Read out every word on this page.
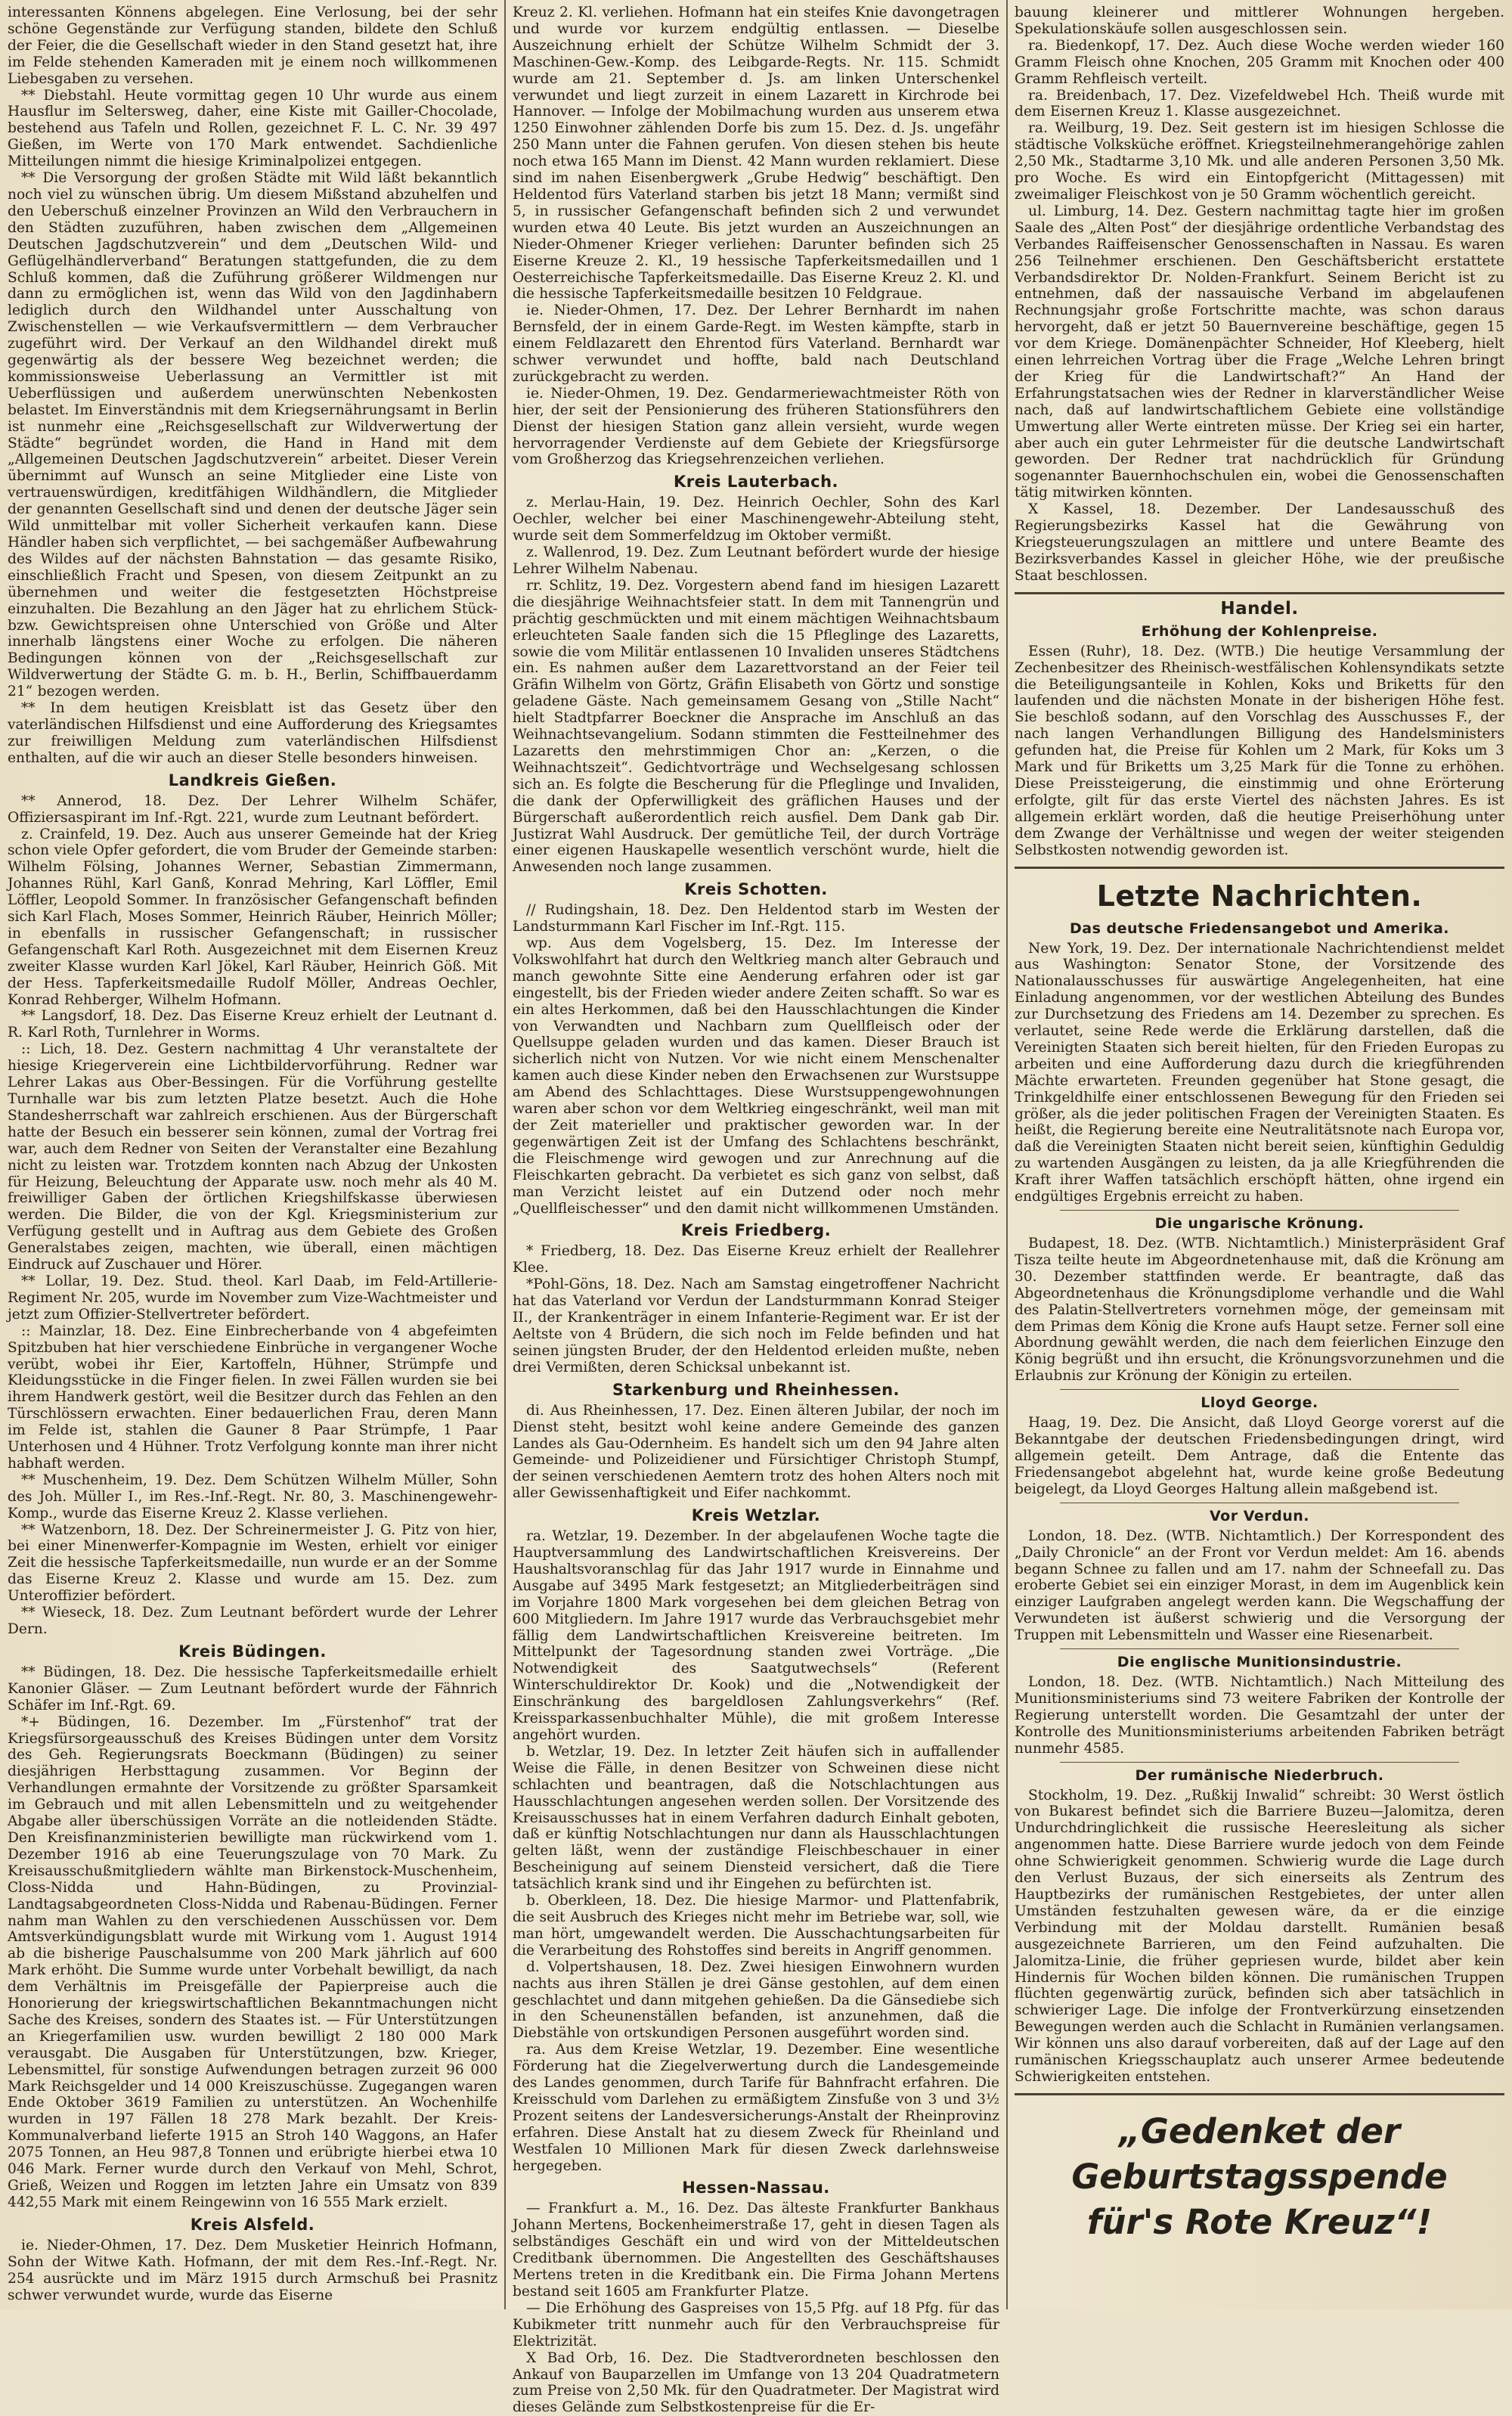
interessanten Könnens abgelegen. Eine Verlosung, bei der sehr schöne Gegenstände zur Verfügung standen, bildete den Schluß der Feier, die die Gesellschaft wieder in den Stand gesetzt hat, ihre im Felde stehenden Kameraden mit je einem noch willkommenen Liebesgaben zu versehen.

** Diebstahl. Heute vormittag gegen 10 Uhr wurde aus einem Hausflur im Seltersweg, daher, eine Kiste mit Gailler-Chocolade, bestehend aus Tafeln und Rollen, gezeichnet F. L. C. Nr. 39 497 Gießen, im Werte von 170 Mark entwendet. Sachdienliche Mitteilungen nimmt die hiesige Kriminalpolizei entgegen.

** Die Versorgung der großen Städte mit Wild läßt bekanntlich noch viel zu wünschen übrig. Um diesem Mißstand abzuhelfen und den Ueberschuß einzelner Provinzen an Wild den Verbrauchern in den Städten zuzuführen, haben zwischen dem „Allgemeinen Deutschen Jagdschutzverein“ und dem „Deutschen Wild- und Geflügelhändlerverband“ Beratungen stattgefunden, die zu dem Schluß kommen, daß die Zuführung größerer Wildmengen nur dann zu ermöglichen ist, wenn das Wild von den Jagdinhabern lediglich durch den Wildhandel unter Ausschaltung von Zwischenstellen — wie Verkaufsvermittlern — dem Verbraucher zugeführt wird. Der Verkauf an den Wildhandel direkt muß gegenwärtig als der bessere Weg bezeichnet werden; die kommissionsweise Ueberlassung an Vermittler ist mit Ueberflüssigen und außerdem unerwünschten Nebenkosten belastet. Im Einverständnis mit dem Kriegsernährungsamt in Berlin ist nunmehr eine „Reichsgesellschaft zur Wildverwertung der Städte“ begründet worden, die Hand in Hand mit dem „Allgemeinen Deutschen Jagdschutzverein“ arbeitet. Dieser Verein übernimmt auf Wunsch an seine Mitglieder eine Liste von vertrauenswürdigen, kreditfähigen Wildhändlern, die Mitglieder der genannten Gesellschaft sind und denen der deutsche Jäger sein Wild unmittelbar mit voller Sicherheit verkaufen kann. Diese Händler haben sich verpflichtet, — bei sachgemäßer Aufbewahrung des Wildes auf der nächsten Bahnstation — das gesamte Risiko, einschließlich Fracht und Spesen, von diesem Zeitpunkt an zu übernehmen und weiter die festgesetzten Höchstpreise einzuhalten. Die Bezahlung an den Jäger hat zu ehrlichem Stück- bzw. Gewichtspreisen ohne Unterschied von Größe und Alter innerhalb längstens einer Woche zu erfolgen. Die näheren Bedingungen können von der „Reichsgesellschaft zur Wildverwertung der Städte G. m. b. H., Berlin, Schiffbauerdamm 21“ bezogen werden.

** In dem heutigen Kreisblatt ist das Gesetz über den vaterländischen Hilfsdienst und eine Aufforderung des Kriegsamtes zur freiwilligen Meldung zum vaterländischen Hilfsdienst enthalten, auf die wir auch an dieser Stelle besonders hinweisen.

Landkreis Gießen.

** Annerod, 18. Dez. Der Lehrer Wilhelm Schäfer, Offiziersaspirant im Inf.-Rgt. 221, wurde zum Leutnant befördert.

z. Crainfeld, 19. Dez. Auch aus unserer Gemeinde hat der Krieg schon viele Opfer gefordert, die vom Bruder der Gemeinde starben: Wilhelm Fölsing, Johannes Werner, Sebastian Zimmermann, Johannes Rühl, Karl Ganß, Konrad Mehring, Karl Löffler, Emil Löffler, Leopold Sommer. In französischer Gefangenschaft befinden sich Karl Flach, Moses Sommer, Heinrich Räuber, Heinrich Möller; in ebenfalls in russischer Gefangenschaft; in russischer Gefangenschaft Karl Roth. Ausgezeichnet mit dem Eisernen Kreuz zweiter Klasse wurden Karl Jökel, Karl Räuber, Heinrich Göß. Mit der Hess. Tapferkeitsmedaille Rudolf Möller, Andreas Oechler, Konrad Rehberger, Wilhelm Hofmann.

** Langsdorf, 18. Dez. Das Eiserne Kreuz erhielt der Leutnant d. R. Karl Roth, Turnlehrer in Worms.

:: Lich, 18. Dez. Gestern nachmittag 4 Uhr veranstaltete der hiesige Kriegerverein eine Lichtbildervorführung. Redner war Lehrer Lakas aus Ober-Bessingen. Für die Vorführung gestellte Turnhalle war bis zum letzten Platze besetzt. Auch die Hohe Standesherrschaft war zahlreich erschienen. Aus der Bürgerschaft hatte der Besuch ein besserer sein können, zumal der Vortrag frei war, auch dem Redner von Seiten der Veranstalter eine Bezahlung nicht zu leisten war. Trotzdem konnten nach Abzug der Unkosten für Heizung, Beleuchtung der Apparate usw. noch mehr als 40 M. freiwilliger Gaben der örtlichen Kriegshilfskasse überwiesen werden. Die Bilder, die von der Kgl. Kriegsministerium zur Verfügung gestellt und in Auftrag aus dem Gebiete des Großen Generalstabes zeigen, machten, wie überall, einen mächtigen Eindruck auf Zuschauer und Hörer.

** Lollar, 19. Dez. Stud. theol. Karl Daab, im Feld-Artillerie-Regiment Nr. 205, wurde im November zum Vize-Wachtmeister und jetzt zum Offizier-Stellvertreter befördert.

:: Mainzlar, 18. Dez. Eine Einbrecherbande von 4 abgefeimten Spitzbuben hat hier verschiedene Einbrüche in vergangener Woche verübt, wobei ihr Eier, Kartoffeln, Hühner, Strümpfe und Kleidungsstücke in die Finger fielen. In zwei Fällen wurden sie bei ihrem Handwerk gestört, weil die Besitzer durch das Fehlen an den Türschlössern erwachten. Einer bedauerlichen Frau, deren Mann im Felde ist, stahlen die Gauner 8 Paar Strümpfe, 1 Paar Unterhosen und 4 Hühner. Trotz Verfolgung konnte man ihrer nicht habhaft werden.

** Muschenheim, 19. Dez. Dem Schützen Wilhelm Müller, Sohn des Joh. Müller I., im Res.-Inf.-Regt. Nr. 80, 3. Maschinengewehr-Komp., wurde das Eiserne Kreuz 2. Klasse verliehen.

** Watzenborn, 18. Dez. Der Schreinermeister J. G. Pitz von hier, bei einer Minenwerfer-Kompagnie im Westen, erhielt vor einiger Zeit die hessische Tapferkeitsmedaille, nun wurde er an der Somme das Eiserne Kreuz 2. Klasse und wurde am 15. Dez. zum Unteroffizier befördert.

** Wieseck, 18. Dez. Zum Leutnant befördert wurde der Lehrer Dern.

Kreis Büdingen.

** Büdingen, 18. Dez. Die hessische Tapferkeitsmedaille erhielt Kanonier Gläser. — Zum Leutnant befördert wurde der Fähnrich Schäfer im Inf.-Rgt. 69.

*+ Büdingen, 16. Dezember. Im „Fürstenhof“ trat der Kriegsfürsorgeausschuß des Kreises Büdingen unter dem Vorsitz des Geh. Regierungsrats Boeckmann (Büdingen) zu seiner diesjährigen Herbsttagung zusammen. Vor Beginn der Verhandlungen ermahnte der Vorsitzende zu größter Sparsamkeit im Gebrauch und mit allen Lebensmitteln und zu weitgehender Abgabe aller überschüssigen Vorräte an die notleidenden Städte. Den Kreisfinanzministerien bewilligte man rückwirkend vom 1. Dezember 1916 ab eine Teuerungszulage von 70 Mark. Zu Kreisausschußmitgliedern wählte man Birkenstock-Muschenheim, Closs-Nidda und Hahn-Büdingen, zu Provinzial-Landtagsabgeordneten Closs-Nidda und Rabenau-Büdingen. Ferner nahm man Wahlen zu den verschiedenen Ausschüssen vor. Dem Amtsverkündigungsblatt wurde mit Wirkung vom 1. August 1914 ab die bisherige Pauschalsumme von 200 Mark jährlich auf 600 Mark erhöht. Die Summe wurde unter Vorbehalt bewilligt, da nach dem Verhältnis im Preisgefälle der Papierpreise auch die Honorierung der kriegswirtschaftlichen Bekanntmachungen nicht Sache des Kreises, sondern des Staates ist. — Für Unterstützungen an Kriegerfamilien usw. wurden bewilligt 2 180 000 Mark verausgabt. Die Ausgaben für Unterstützungen, bzw. Krieger, Lebensmittel, für sonstige Aufwendungen betragen zurzeit 96 000 Mark Reichsgelder und 14 000 Kreiszuschüsse. Zugegangen waren Ende Oktober 3619 Familien zu unterstützen. An Wochenhilfe wurden in 197 Fällen 18 278 Mark bezahlt. Der Kreis-Kommunalverband lieferte 1915 an Stroh 140 Waggons, an Hafer 2075 Tonnen, an Heu 987,8 Tonnen und erübrigte hierbei etwa 10 046 Mark. Ferner wurde durch den Verkauf von Mehl, Schrot, Grieß, Weizen und Roggen im letzten Jahre ein Umsatz von 839 442,55 Mark mit einem Reingewinn von 16 555 Mark erzielt.

Kreis Alsfeld.

ie. Nieder-Ohmen, 17. Dez. Dem Musketier Heinrich Hofmann, Sohn der Witwe Kath. Hofmann, der mit dem Res.-Inf.-Regt. Nr. 254 ausrückte und im März 1915 durch Armschuß bei Prasnitz schwer verwundet wurde, wurde das Eiserne

Kreuz 2. Kl. verliehen. Hofmann hat ein steifes Knie davongetragen und wurde vor kurzem endgültig entlassen. — Dieselbe Auszeichnung erhielt der Schütze Wilhelm Schmidt der 3. Maschinen-Gew.-Komp. des Leibgarde-Regts. Nr. 115. Schmidt wurde am 21. September d. Js. am linken Unterschenkel verwundet und liegt zurzeit in einem Lazarett in Kirchrode bei Hannover. — Infolge der Mobilmachung wurden aus unserem etwa 1250 Einwohner zählenden Dorfe bis zum 15. Dez. d. Js. ungefähr 250 Mann unter die Fahnen gerufen. Von diesen stehen bis heute noch etwa 165 Mann im Dienst. 42 Mann wurden reklamiert. Diese sind im nahen Eisenbergwerk „Grube Hedwig“ beschäftigt. Den Heldentod fürs Vaterland starben bis jetzt 18 Mann; vermißt sind 5, in russischer Gefangenschaft befinden sich 2 und verwundet wurden etwa 40 Leute. Bis jetzt wurden an Auszeichnungen an Nieder-Ohmener Krieger verliehen: Darunter befinden sich 25 Eiserne Kreuze 2. Kl., 19 hessische Tapferkeitsmedaillen und 1 Oesterreichische Tapferkeitsmedaille. Das Eiserne Kreuz 2. Kl. und die hessische Tapferkeitsmedaille besitzen 10 Feldgraue.

ie. Nieder-Ohmen, 17. Dez. Der Lehrer Bernhardt im nahen Bernsfeld, der in einem Garde-Regt. im Westen kämpfte, starb in einem Feldlazarett den Ehrentod fürs Vaterland. Bernhardt war schwer verwundet und hoffte, bald nach Deutschland zurückgebracht zu werden.

ie. Nieder-Ohmen, 19. Dez. Gendarmeriewachtmeister Röth von hier, der seit der Pensionierung des früheren Stationsführers den Dienst der hiesigen Station ganz allein versieht, wurde wegen hervorragender Verdienste auf dem Gebiete der Kriegsfürsorge vom Großherzog das Kriegsehrenzeichen verliehen.

Kreis Lauterbach.

z. Merlau-Hain, 19. Dez. Heinrich Oechler, Sohn des Karl Oechler, welcher bei einer Maschinengewehr-Abteilung steht, wurde seit dem Sommerfeldzug im Oktober vermißt.

z. Wallenrod, 19. Dez. Zum Leutnant befördert wurde der hiesige Lehrer Wilhelm Nabenau.

rr. Schlitz, 19. Dez. Vorgestern abend fand im hiesigen Lazarett die diesjährige Weihnachtsfeier statt. In dem mit Tannengrün und prächtig geschmückten und mit einem mächtigen Weihnachtsbaum erleuchteten Saale fanden sich die 15 Pfleglinge des Lazaretts, sowie die vom Militär entlassenen 10 Invaliden unseres Städtchens ein. Es nahmen außer dem Lazarettvorstand an der Feier teil Gräfin Wilhelm von Görtz, Gräfin Elisabeth von Görtz und sonstige geladene Gäste. Nach gemeinsamem Gesang von „Stille Nacht“ hielt Stadtpfarrer Boeckner die Ansprache im Anschluß an das Weihnachtsevangelium. Sodann stimmten die Festteilnehmer des Lazaretts den mehrstimmigen Chor an: „Kerzen, o die Weihnachtszeit“. Gedichtvorträge und Wechselgesang schlossen sich an. Es folgte die Bescherung für die Pfleglinge und Invaliden, die dank der Opferwilligkeit des gräflichen Hauses und der Bürgerschaft außerordentlich reich ausfiel. Dem Dank gab Dir. Justizrat Wahl Ausdruck. Der gemütliche Teil, der durch Vorträge einer eigenen Hauskapelle wesentlich verschönt wurde, hielt die Anwesenden noch lange zusammen.

Kreis Schotten.

// Rudingshain, 18. Dez. Den Heldentod starb im Westen der Landsturmmann Karl Fischer im Inf.-Rgt. 115.

wp. Aus dem Vogelsberg, 15. Dez. Im Interesse der Volkswohlfahrt hat durch den Weltkrieg manch alter Gebrauch und manch gewohnte Sitte eine Aenderung erfahren oder ist gar eingestellt, bis der Frieden wieder andere Zeiten schafft. So war es ein altes Herkommen, daß bei den Hausschlachtungen die Kinder von Verwandten und Nachbarn zum Quellfleisch oder der Quellsuppe geladen wurden und das kamen. Dieser Brauch ist sicherlich nicht von Nutzen. Vor wie nicht einem Menschenalter kamen auch diese Kinder neben den Erwachsenen zur Wurstsuppe am Abend des Schlachttages. Diese Wurstsuppengewohnungen waren aber schon vor dem Weltkrieg eingeschränkt, weil man mit der Zeit materieller und praktischer geworden war. In der gegenwärtigen Zeit ist der Umfang des Schlachtens beschränkt, die Fleischmenge wird gewogen und zur Anrechnung auf die Fleischkarten gebracht. Da verbietet es sich ganz von selbst, daß man Verzicht leistet auf ein Dutzend oder noch mehr „Quellfleischesser“ und den damit nicht willkommenen Umständen.

Kreis Friedberg.

* Friedberg, 18. Dez. Das Eiserne Kreuz erhielt der Reallehrer Klee.

*Pohl-Göns, 18. Dez. Nach am Samstag eingetroffener Nachricht hat das Vaterland vor Verdun der Landsturmmann Konrad Steiger II., der Krankenträger in einem Infanterie-Regiment war. Er ist der Aeltste von 4 Brüdern, die sich noch im Felde befinden und hat seinen jüngsten Bruder, der den Heldentod erleiden mußte, neben drei Vermißten, deren Schicksal unbekannt ist.

Starkenburg und Rheinhessen.

di. Aus Rheinhessen, 17. Dez. Einen älteren Jubilar, der noch im Dienst steht, besitzt wohl keine andere Gemeinde des ganzen Landes als Gau-Odernheim. Es handelt sich um den 94 Jahre alten Gemeinde- und Polizeidiener und Fürsichtiger Christoph Stumpf, der seinen verschiedenen Aemtern trotz des hohen Alters noch mit aller Gewissenhaftigkeit und Eifer nachkommt.

Kreis Wetzlar.

ra. Wetzlar, 19. Dezember. In der abgelaufenen Woche tagte die Hauptversammlung des Landwirtschaftlichen Kreisvereins. Der Haushaltsvoranschlag für das Jahr 1917 wurde in Einnahme und Ausgabe auf 3495 Mark festgesetzt; an Mitgliederbeiträgen sind im Vorjahre 1800 Mark vorgesehen bei dem gleichen Betrag von 600 Mitgliedern. Im Jahre 1917 wurde das Verbrauchsgebiet mehr fällig dem Landwirtschaftlichen Kreisvereine beitreten. Im Mittelpunkt der Tagesordnung standen zwei Vorträge. „Die Notwendigkeit des Saatgutwechsels“ (Referent Winterschuldirektor Dr. Kook) und die „Notwendigkeit der Einschränkung des bargeldlosen Zahlungsverkehrs“ (Ref. Kreissparkassenbuchhalter Mühle), die mit großem Interesse angehört wurden.

b. Wetzlar, 19. Dez. In letzter Zeit häufen sich in auffallender Weise die Fälle, in denen Besitzer von Schweinen diese nicht schlachten und beantragen, daß die Notschlachtungen aus Hausschlachtungen angesehen werden sollen. Der Vorsitzende des Kreisausschusses hat in einem Verfahren dadurch Einhalt geboten, daß er künftig Notschlachtungen nur dann als Hausschlachtungen gelten läßt, wenn der zuständige Fleischbeschauer in einer Bescheinigung auf seinem Diensteid versichert, daß die Tiere tatsächlich krank sind und ihr Eingehen zu befürchten ist.

b. Oberkleen, 18. Dez. Die hiesige Marmor- und Plattenfabrik, die seit Ausbruch des Krieges nicht mehr im Betriebe war, soll, wie man hört, umgewandelt werden. Die Ausschachtungsarbeiten für die Verarbeitung des Rohstoffes sind bereits in Angriff genommen.

d. Volpertshausen, 18. Dez. Zwei hiesigen Einwohnern wurden nachts aus ihren Ställen je drei Gänse gestohlen, auf dem einen geschlachtet und dann mitgehen gehießen. Da die Gänsediebe sich in den Scheunenställen befanden, ist anzunehmen, daß die Diebstähle von ortskundigen Personen ausgeführt worden sind.

ra. Aus dem Kreise Wetzlar, 19. Dezember. Eine wesentliche Förderung hat die Ziegelverwertung durch die Landesgemeinde des Landes genommen, durch Tarife für Bahnfracht erfahren. Die Kreisschuld vom Darlehen zu ermäßigtem Zinsfuße von 3 und 3½ Prozent seitens der Landesversicherungs-Anstalt der Rheinprovinz erfahren. Diese Anstalt hat zu diesem Zweck für Rheinland und Westfalen 10 Millionen Mark für diesen Zweck darlehnsweise hergegeben.

Hessen-Nassau.

— Frankfurt a. M., 16. Dez. Das älteste Frankfurter Bankhaus Johann Mertens, Bockenheimerstraße 17, geht in diesen Tagen als selbständiges Geschäft ein und wird von der Mitteldeutschen Creditbank übernommen. Die Angestellten des Geschäftshauses Mertens treten in die Kreditbank ein. Die Firma Johann Mertens bestand seit 1605 am Frankfurter Platze.

— Die Erhöhung des Gaspreises von 15,5 Pfg. auf 18 Pfg. für das Kubikmeter tritt nunmehr auch für den Verbrauchspreise für Elektrizität.

X Bad Orb, 16. Dez. Die Stadtverordneten beschlossen den Ankauf von Bauparzellen im Umfange von 13 204 Quadratmetern zum Preise von 2,50 Mk. für den Quadratmeter. Der Magistrat wird dieses Gelände zum Selbstkostenpreise für die Er-

bauung kleinerer und mittlerer Wohnungen hergeben. Spekulationskäufe sollen ausgeschlossen sein.

ra. Biedenkopf, 17. Dez. Auch diese Woche werden wieder 160 Gramm Fleisch ohne Knochen, 205 Gramm mit Knochen oder 400 Gramm Rehfleisch verteilt.

ra. Breidenbach, 17. Dez. Vizefeldwebel Hch. Theiß wurde mit dem Eisernen Kreuz 1. Klasse ausgezeichnet.

ra. Weilburg, 19. Dez. Seit gestern ist im hiesigen Schlosse die städtische Volksküche eröffnet. Kriegsteilnehmerangehörige zahlen 2,50 Mk., Stadtarme 3,10 Mk. und alle anderen Personen 3,50 Mk. pro Woche. Es wird ein Eintopfgericht (Mittagessen) mit zweimaliger Fleischkost von je 50 Gramm wöchentlich gereicht.

ul. Limburg, 14. Dez. Gestern nachmittag tagte hier im großen Saale des „Alten Post“ der diesjährige ordentliche Verbandstag des Verbandes Raiffeisenscher Genossenschaften in Nassau. Es waren 256 Teilnehmer erschienen. Den Geschäftsbericht erstattete Verbandsdirektor Dr. Nolden-Frankfurt. Seinem Bericht ist zu entnehmen, daß der nassauische Verband im abgelaufenen Rechnungsjahr große Fortschritte machte, was schon daraus hervorgeht, daß er jetzt 50 Bauernvereine beschäftige, gegen 15 vor dem Kriege. Domänenpächter Schneider, Hof Kleeberg, hielt einen lehrreichen Vortrag über die Frage „Welche Lehren bringt der Krieg für die Landwirtschaft?“ An Hand der Erfahrungstatsachen wies der Redner in klarverständlicher Weise nach, daß auf landwirtschaftlichem Gebiete eine vollständige Umwertung aller Werte eintreten müsse. Der Krieg sei ein harter, aber auch ein guter Lehrmeister für die deutsche Landwirtschaft geworden. Der Redner trat nachdrücklich für Gründung sogenannter Bauernhochschulen ein, wobei die Genossenschaften tätig mitwirken könnten.

X Kassel, 18. Dezember. Der Landesausschuß des Regierungsbezirks Kassel hat die Gewährung von Kriegsteuerungszulagen an mittlere und untere Beamte des Bezirksverbandes Kassel in gleicher Höhe, wie der preußische Staat beschlossen.

Handel.
Erhöhung der Kohlenpreise.

Essen (Ruhr), 18. Dez. (WTB.) Die heutige Versammlung der Zechenbesitzer des Rheinisch-westfälischen Kohlensyndikats setzte die Beteiligungsanteile in Kohlen, Koks und Briketts für den laufenden und die nächsten Monate in der bisherigen Höhe fest. Sie beschloß sodann, auf den Vorschlag des Ausschusses F., der nach langen Verhandlungen Billigung des Handelsministers gefunden hat, die Preise für Kohlen um 2 Mark, für Koks um 3 Mark und für Briketts um 3,25 Mark für die Tonne zu erhöhen. Diese Preissteigerung, die einstimmig und ohne Erörterung erfolgte, gilt für das erste Viertel des nächsten Jahres. Es ist allgemein erklärt worden, daß die heutige Preiserhöhung unter dem Zwange der Verhältnisse und wegen der weiter steigenden Selbstkosten notwendig geworden ist.

Letzte Nachrichten.
Das deutsche Friedensangebot und Amerika.

New York, 19. Dez. Der internationale Nachrichtendienst meldet aus Washington: Senator Stone, der Vorsitzende des Nationalausschusses für auswärtige Angelegenheiten, hat eine Einladung angenommen, vor der westlichen Abteilung des Bundes zur Durchsetzung des Friedens am 14. Dezember zu sprechen. Es verlautet, seine Rede werde die Erklärung darstellen, daß die Vereinigten Staaten sich bereit hielten, für den Frieden Europas zu arbeiten und eine Aufforderung dazu durch die kriegführenden Mächte erwarteten. Freunden gegenüber hat Stone gesagt, die Trinkgeldhilfe einer entschlossenen Bewegung für den Frieden sei größer, als die jeder politischen Fragen der Vereinigten Staaten. Es heißt, die Regierung bereite eine Neutralitätsnote nach Europa vor, daß die Vereinigten Staaten nicht bereit seien, künftighin Geduldig zu wartenden Ausgängen zu leisten, da ja alle Kriegführenden die Kraft ihrer Waffen tatsächlich erschöpft hätten, ohne irgend ein endgültiges Ergebnis erreicht zu haben.

Die ungarische Krönung.

Budapest, 18. Dez. (WTB. Nichtamtlich.) Ministerpräsident Graf Tisza teilte heute im Abgeordnetenhause mit, daß die Krönung am 30. Dezember stattfinden werde. Er beantragte, daß das Abgeordnetenhaus die Krönungsdiplome verhandle und die Wahl des Palatin-Stellvertreters vornehmen möge, der gemeinsam mit dem Primas dem König die Krone aufs Haupt setze. Ferner soll eine Abordnung gewählt werden, die nach dem feierlichen Einzuge den König begrüßt und ihn ersucht, die Krönungsvorzunehmen und die Erlaubnis zur Krönung der Königin zu erteilen.

Lloyd George.

Haag, 19. Dez. Die Ansicht, daß Lloyd George vorerst auf die Bekanntgabe der deutschen Friedensbedingungen dringt, wird allgemein geteilt. Dem Antrage, daß die Entente das Friedensangebot abgelehnt hat, wurde keine große Bedeutung beigelegt, da Lloyd Georges Haltung allein maßgebend ist.

Vor Verdun.

London, 18. Dez. (WTB. Nichtamtlich.) Der Korrespondent des „Daily Chronicle“ an der Front vor Verdun meldet: Am 16. abends begann Schnee zu fallen und am 17. nahm der Schneefall zu. Das eroberte Gebiet sei ein einziger Morast, in dem im Augenblick kein einziger Laufgraben angelegt werden kann. Die Wegschaffung der Verwundeten ist äußerst schwierig und die Versorgung der Truppen mit Lebensmitteln und Wasser eine Riesenarbeit.

Die englische Munitionsindustrie.

London, 18. Dez. (WTB. Nichtamtlich.) Nach Mitteilung des Munitionsministeriums sind 73 weitere Fabriken der Kontrolle der Regierung unterstellt worden. Die Gesamtzahl der unter der Kontrolle des Munitionsministeriums arbeitenden Fabriken beträgt nunmehr 4585.

Der rumänische Niederbruch.

Stockholm, 19. Dez. „Rußkij Inwalid“ schreibt: 30 Werst östlich von Bukarest befindet sich die Barriere Buzeu—Jalomitza, deren Undurchdringlichkeit die russische Heeresleitung als sicher angenommen hatte. Diese Barriere wurde jedoch von dem Feinde ohne Schwierigkeit genommen. Schwierig wurde die Lage durch den Verlust Buzaus, der sich einerseits als Zentrum des Hauptbezirks der rumänischen Restgebietes, der unter allen Umständen festzuhalten gewesen wäre, da er die einzige Verbindung mit der Moldau darstellt. Rumänien besaß ausgezeichnete Barrieren, um den Feind aufzuhalten. Die Jalomitza-Linie, die früher gepriesen wurde, bildet aber kein Hindernis für Wochen bilden können. Die rumänischen Truppen flüchten gegenwärtig zurück, befinden sich aber tatsächlich in schwieriger Lage. Die infolge der Frontverkürzung einsetzenden Bewegungen werden auch die Schlacht in Rumänien verlangsamen. Wir können uns also darauf vorbereiten, daß auf der Lage auf den rumänischen Kriegsschauplatz auch unserer Armee bedeutende Schwierigkeiten entstehen.

„Gedenket der Geburtstagsspende
für's Rote Kreuz“!
